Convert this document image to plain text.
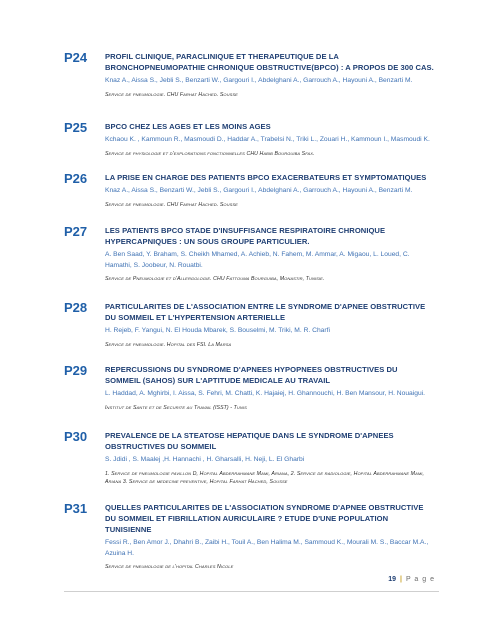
P24	PROFIL CLINIQUE, PARACLINIQUE ET THERAPEUTIQUE DE LA BRONCHOPNEUMOPATHIE CHRONIQUE OBSTRUCTIVE(BPCO) : A PROPOS DE 300 CAS.

Knaz A., Aissa S., Jebli S., Benzarti W., Gargouri I., Abdelghani A., Garrouch A., Hayouni A., Benzarti M.
Service de pneumologie. CHU Farhat Hached. Sousse
P25	BPCO CHEZ LES AGES ET LES MOINS AGES

Kchaou K. , Kammoun R., Masmoudi D., Haddar A., Trabelsi N., Triki L., Zouari H., Kammoun I., Masmoudi K.
Service de physiologie et d'explorations fonctionnelles CHU Habib Bourguiba Sfax.
P26	LA PRISE EN CHARGE DES PATIENTS BPCO EXACERBATEURS ET SYMPTOMATIQUES

Knaz A., Aissa S., Benzarti W., Jebli S., Gargouri I., Abdelghani A., Garrouch A., Hayouni A., Benzarti M.
Service de pneumologie. CHU Farhat Hached. Sousse
P27	LES PATIENTS BPCO STADE D'INSUFFISANCE RESPIRATOIRE CHRONIQUE HYPERCAPNIQUES : UN SOUS GROUPE PARTICULIER.

A. Ben Saad, Y. Braham, S. Cheikh Mhamed, A. Achieb, N. Fahem, M. Ammar, A. Migaou, L. Loued, C. Hamathi, S. Joobeur, N. Rouatbi.
Service de Pneumologie et d'Allergologie. CHU Fattouma Bourguiba, Monastir, Tunisie.
P28	PARTICULARITES DE L'ASSOCIATION ENTRE LE SYNDROME D'APNEE OBSTRUCTIVE DU SOMMEIL ET L'HYPERTENSION ARTERIELLE

H. Rejeb, F. Yangui, N. El Houda Mbarek, S. Bouselmi, M. Triki, M. R. Charfi
Service de pneumologie. Hopital des FSI. La Marsa
P29	REPERCUSSIONS DU SYNDROME D'APNEES HYPOPNEES OBSTRUCTIVES DU SOMMEIL (SAHOS) SUR L'APTITUDE MEDICALE AU TRAVAIL

L. Haddad, A. Mghirbi, I. Aissa, S. Fehri, M. Chatti, K. Hajaiej, H. Ghannouchi, H. Ben Mansour, H. Nouaigui.
Institut de Sante et de Securite au Travail (ISST) - Tunis
P30	PREVALENCE DE LA STEATOSE HEPATIQUE DANS LE SYNDROME D'APNEES OBSTRUCTIVES DU SOMMEIL

S. Jdidi , S. Maalej ,H. Hannachi , H. Gharsalli, H. Neji, L. El Gharbi
1. Service de pneumologie pavillon D, Hopital Abderrahmane Mami, Ariana, 2. Service de radiologie, Hopital Abderrahmane Mami, Ariana 3. Service de medecine preventive, Hopital Farhat Hached, Sousse
P31	QUELLES PARTICULARITES DE L'ASSOCIATION SYNDROME D'APNEE OBSTRUCTIVE DU SOMMEIL ET FIBRILLATION AURICULAIRE ? ETUDE D'UNE POPULATION TUNISIENNE

Fessi R., Ben Amor J., Dhahri B., Zaibi H., Touil A., Ben Halima M., Sammoud K., Mourali M. S., Baccar M.A., Azuina H.
Service de pneumologie de l'hopital Charles Nicole
19 | P a g e
